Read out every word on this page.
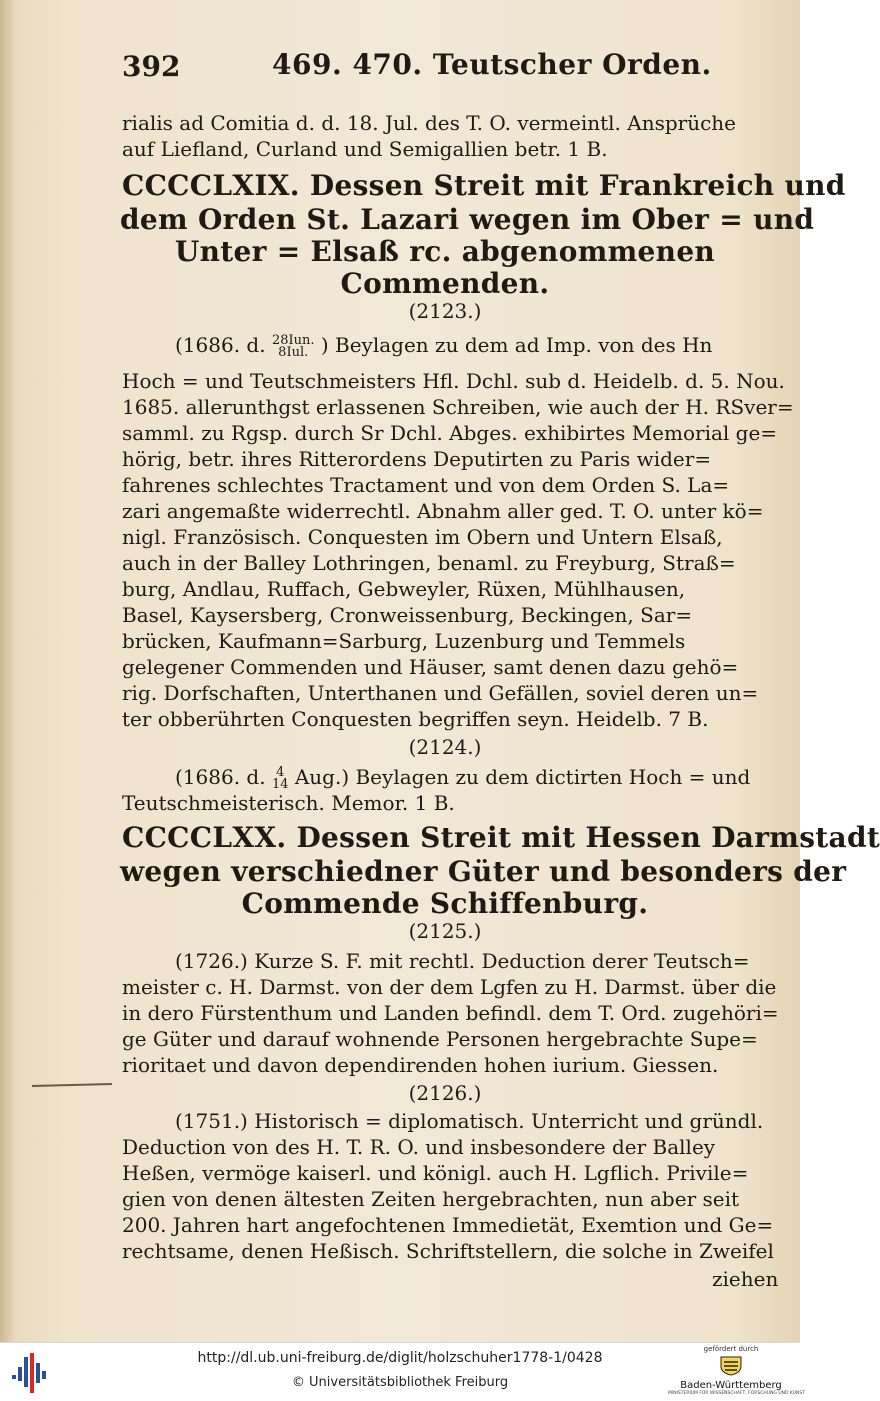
392	469. 470. Teutscher Orden.
rialis ad Comitia d. d. 18. Jul. des T. O. vermeintl. Ansprüche
auf Liefland, Curland und Semigallien betr. 1 B.
CCCCLXIX. Dessen Streit mit Frankreich und
dem Orden St. Lazari wegen im Ober = und
Unter = Elsaß rc. abgenommenen
Commenden.
(2123.)
(1686. d. 28Iun.
8Iul. ) Beylagen zu dem ad Imp. von des Hn
Hoch = und Teutschmeisters Hfl. Dchl. sub d. Heidelb. d. 5. Nou.
1685. allerunthgst erlassenen Schreiben, wie auch der H. RSver=
samml. zu Rgsp. durch Sr Dchl. Abges. exhibirtes Memorial ge=
hörig, betr. ihres Ritterordens Deputirten zu Paris wider=
fahrenes schlechtes Tractament und von dem Orden S. La=
zari angemaßte widerrechtl. Abnahm aller ged. T. O. unter kö=
nigl. Französisch. Conquesten im Obern und Untern Elsaß,
auch in der Balley Lothringen, benaml. zu Freyburg, Straß=
burg, Andlau, Ruffach, Gebweyler, Rüxen, Mühlhausen,
Basel, Kaysersberg, Cronweissenburg, Beckingen, Sar=
brücken, Kaufmann=Sarburg, Luzenburg und Temmels
gelegener Commenden und Häuser, samt denen dazu gehö=
rig. Dorfschaften, Unterthanen und Gefällen, soviel deren un=
ter obberührten Conquesten begriffen seyn. Heidelb. 7 B.
(2124.)
(1686. d. 4
14 Aug.) Beylagen zu dem dictirten Hoch = und
Teutschmeisterisch. Memor. 1 B.
CCCCLXX. Dessen Streit mit Hessen Darmstadt
wegen verschiedner Güter und besonders der
Commende Schiffenburg.
(2125.)
(1726.) Kurze S. F. mit rechtl. Deduction derer Teutsch=
meister c. H. Darmst. von der dem Lgfen zu H. Darmst. über die
in dero Fürstenthum und Landen befindl. dem T. Ord. zugehöri=
ge Güter und darauf wohnende Personen hergebrachte Supe=
rioritaet und davon dependirenden hohen iurium. Giessen.
(2126.)
(1751.) Historisch = diplomatisch. Unterricht und gründl.
Deduction von des H. T. R. O. und insbesondere der Balley
Heßen, vermöge kaiserl. und königl. auch H. Lgflich. Privile=
gien von denen ältesten Zeiten hergebrachten, nun aber seit
200. Jahren hart angefochtenen Immedietät, Exemtion und Ge=
rechtsame, denen Heßisch. Schriftstellern, die solche in Zweifel
ziehen
http://dl.ub.uni-freiburg.de/diglit/holzschuher1778-1/0428
© Universitätsbibliothek Freiburg
gefördert durch
Baden-Württemberg
MINISTERIUM FÜR WISSENSCHAFT, FORSCHUNG UND KUNST
